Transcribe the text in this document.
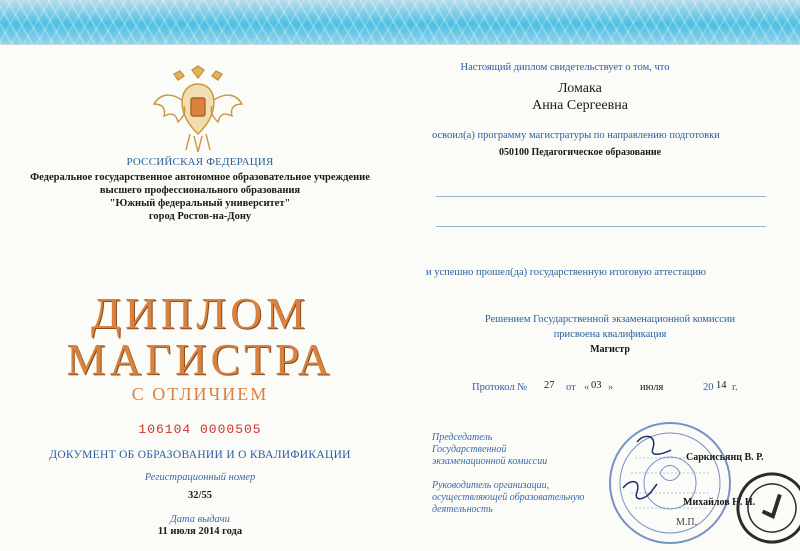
РОССИЙСКАЯ ФЕДЕРАЦИЯ
Федеральное государственное автономное образовательное учреждение
высшего профессионального образования
"Южный федеральный университет"
город Ростов-на-Дону
ДИПЛОМ
МАГИСТРА
С ОТЛИЧИЕМ
106104 0000505
ДОКУМЕНТ ОБ ОБРАЗОВАНИИ И О КВАЛИФИКАЦИИ
Регистрационный номер
32/55
Дата выдачи
11 июля 2014 года
Настоящий диплом свидетельствует о том, что
Ломака
Анна Сергеевна
освоил(а) программу магистратуры по направлению подготовки
050100 Педагогическое образование
и успешно прошел(да) государственную итоговую аттестацию
Решением Государственной экзаменационной комиссии
присвоена квалификация
Магистр
Протокол № 27 от « 03 »	июля	20 14 г.
Председатель
Государственной
экзаменационной комиссии
Руководитель организации,
осуществляющей образовательную
деятельность
Саркисьянц В. Р.
Михайлов Н. Н.
М.П.
